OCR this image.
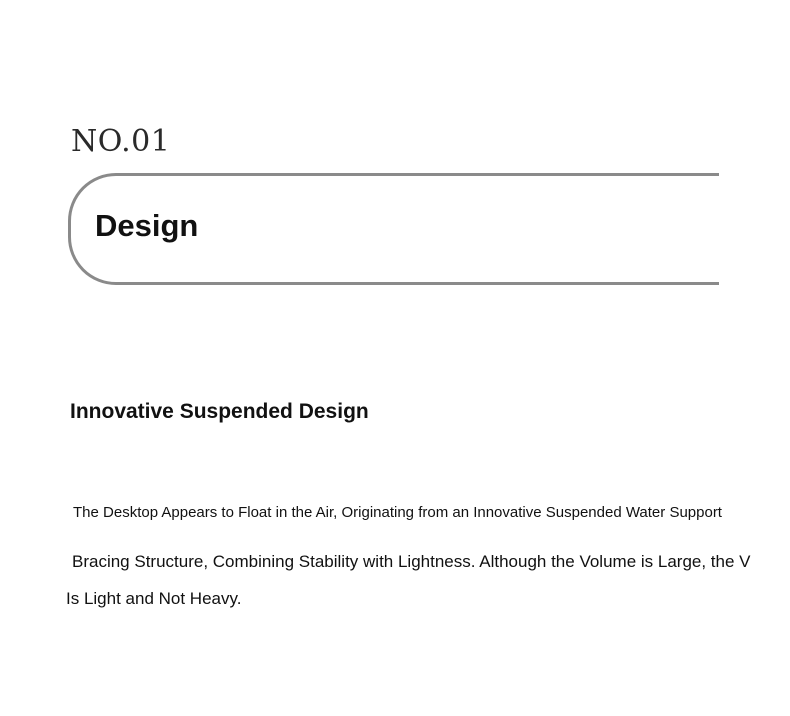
NO.01
Design
Innovative Suspended Design
The Desktop Appears to Float in the Air, Originating from an Innovative Suspended Water Support
Bracing Structure, Combining Stability with Lightness. Although the Volume is Large, the V
Is Light and Not Heavy.
